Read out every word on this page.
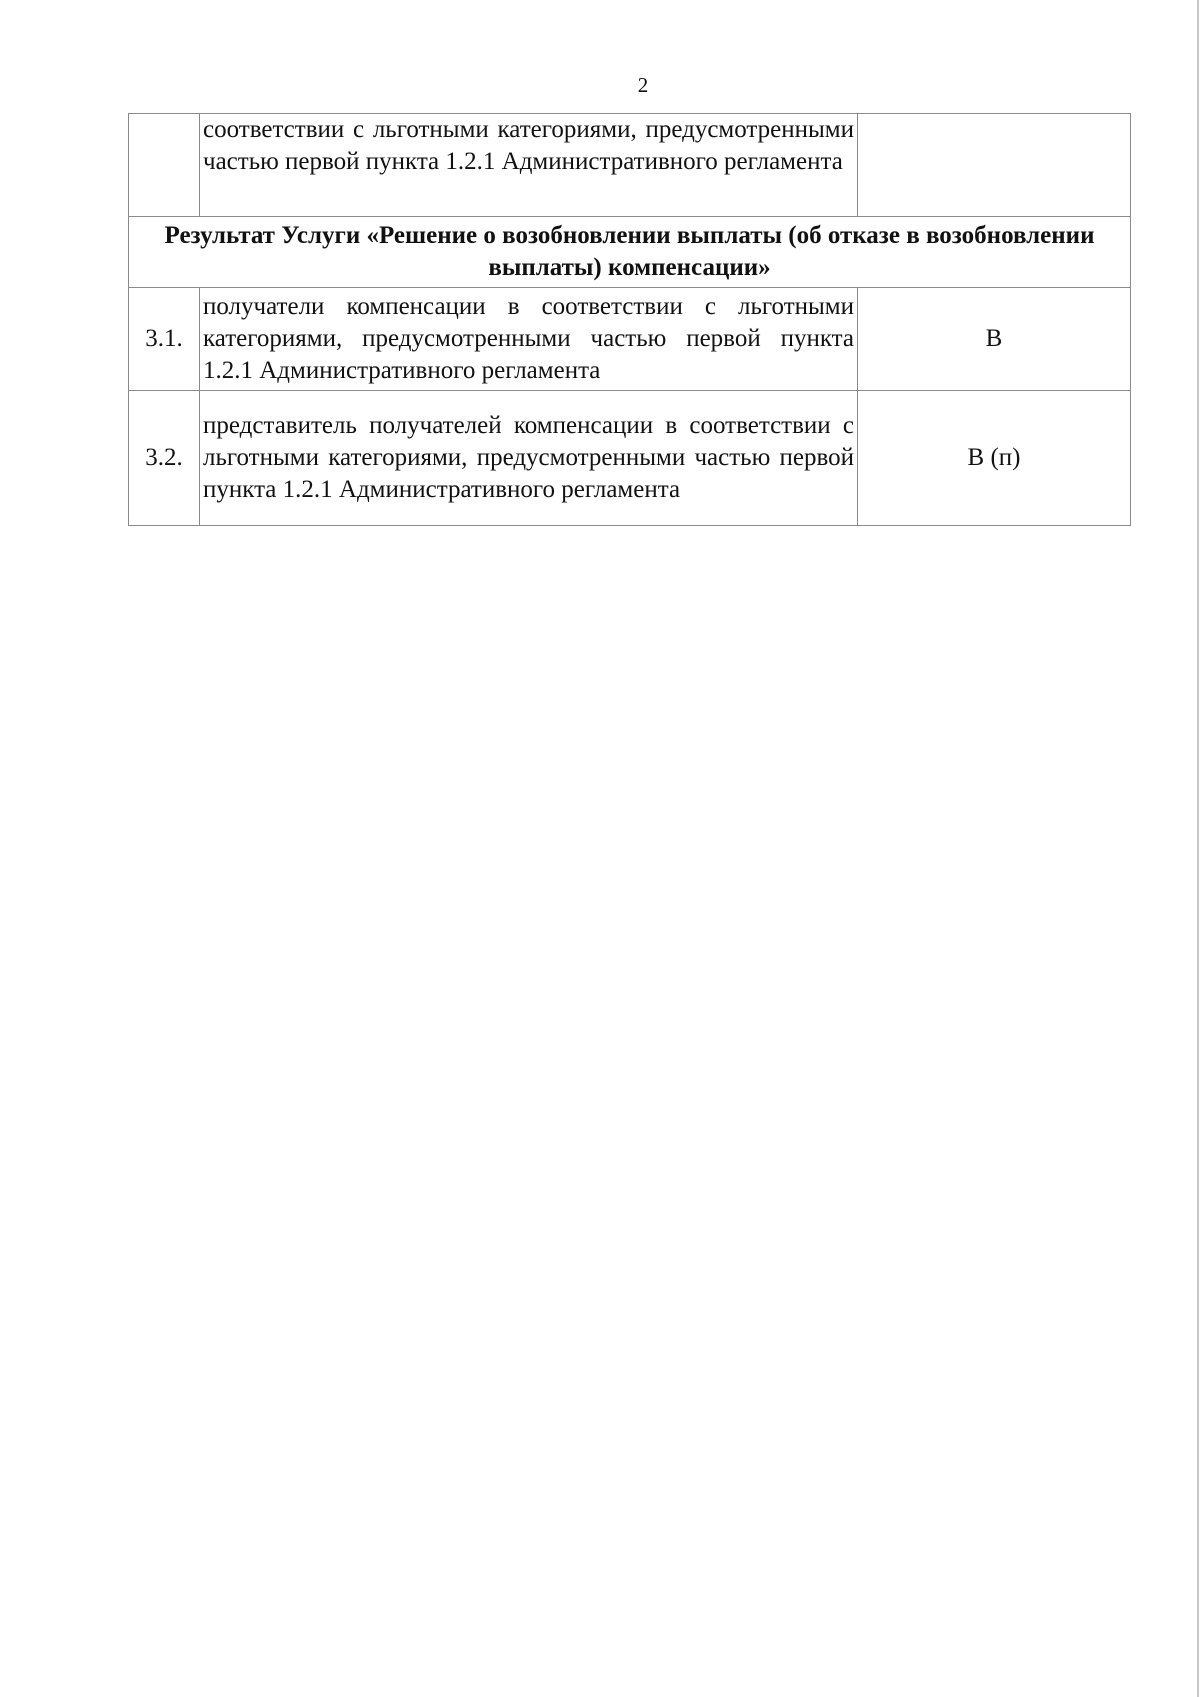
2
	соответствии с льготными категориями, предусмотренными частью первой пункта 1.2.1 Административного регламента	
Результат Услуги «Решение о возобновлении выплаты (об отказе в возобновлении выплаты) компенсации»		
3.1.	получатели компенсации в соответствии с льготными категориями, предусмотренными частью первой пункта 1.2.1 Административного регламента	В
3.2.	представитель получателей компенсации в соответствии с льготными категориями, предусмотренными частью первой пункта 1.2.1 Административного регламента	В (п)
